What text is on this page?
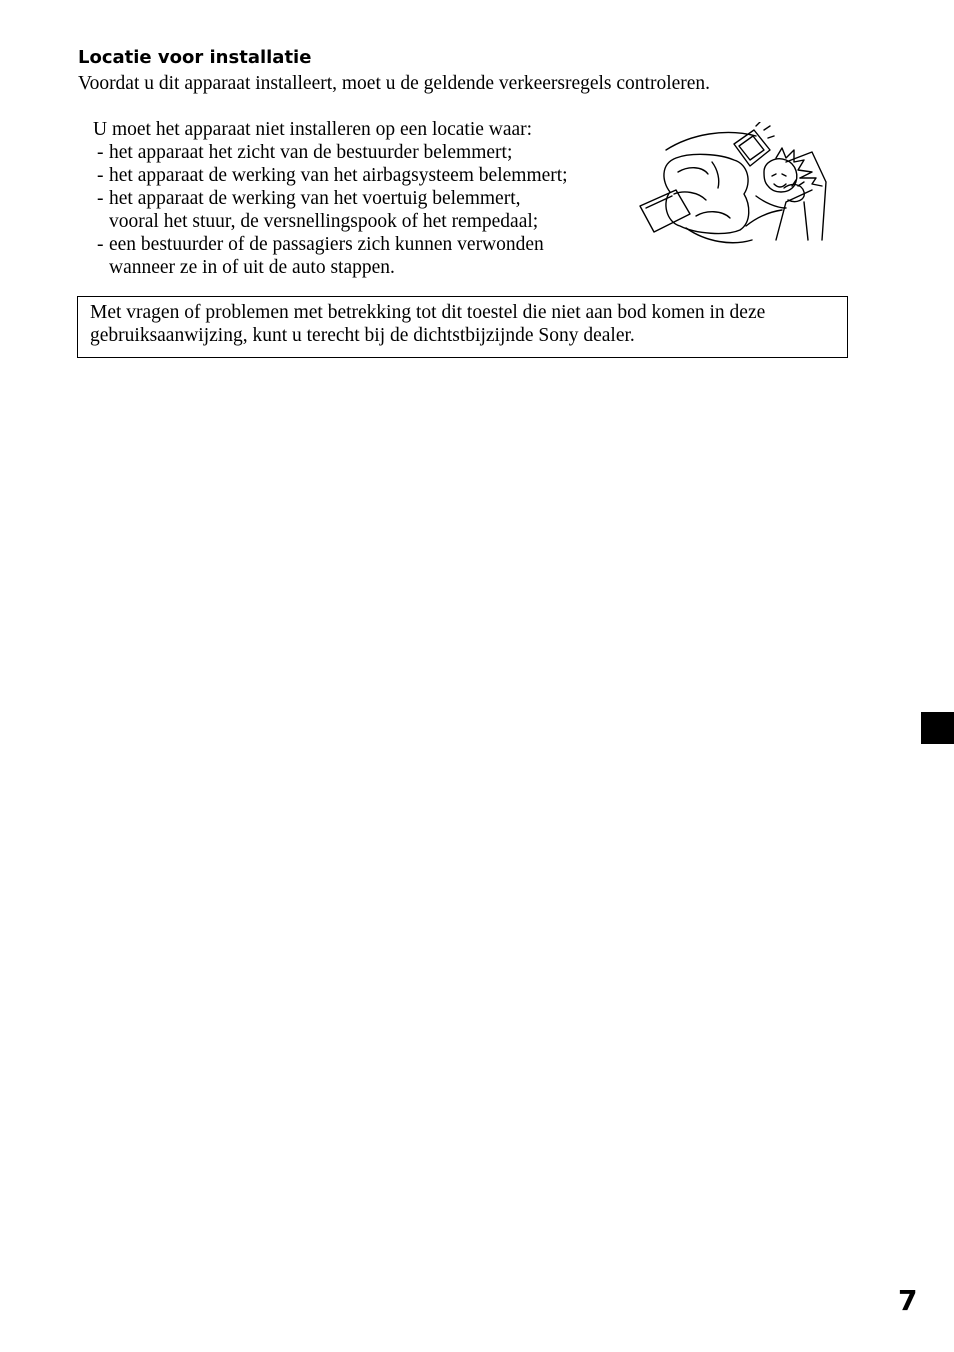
Locatie voor installatie
Voordat u dit apparaat installeert, moet u de geldende verkeersregels controleren.
U moet het apparaat niet installeren op een locatie waar:
- het apparaat het zicht van de bestuurder belemmert;
- het apparaat de werking van het airbagsysteem belemmert;
- het apparaat de werking van het voertuig belemmert,
vooral het stuur, de versnellingspook of het rempedaal;
- een bestuurder of de passagiers zich kunnen verwonden
wanneer ze in of uit de auto stappen.
Met vragen of problemen met betrekking tot dit toestel die niet aan bod komen in deze gebruiksaanwijzing, kunt u terecht bij de dichtstbijzijnde Sony dealer.
7
